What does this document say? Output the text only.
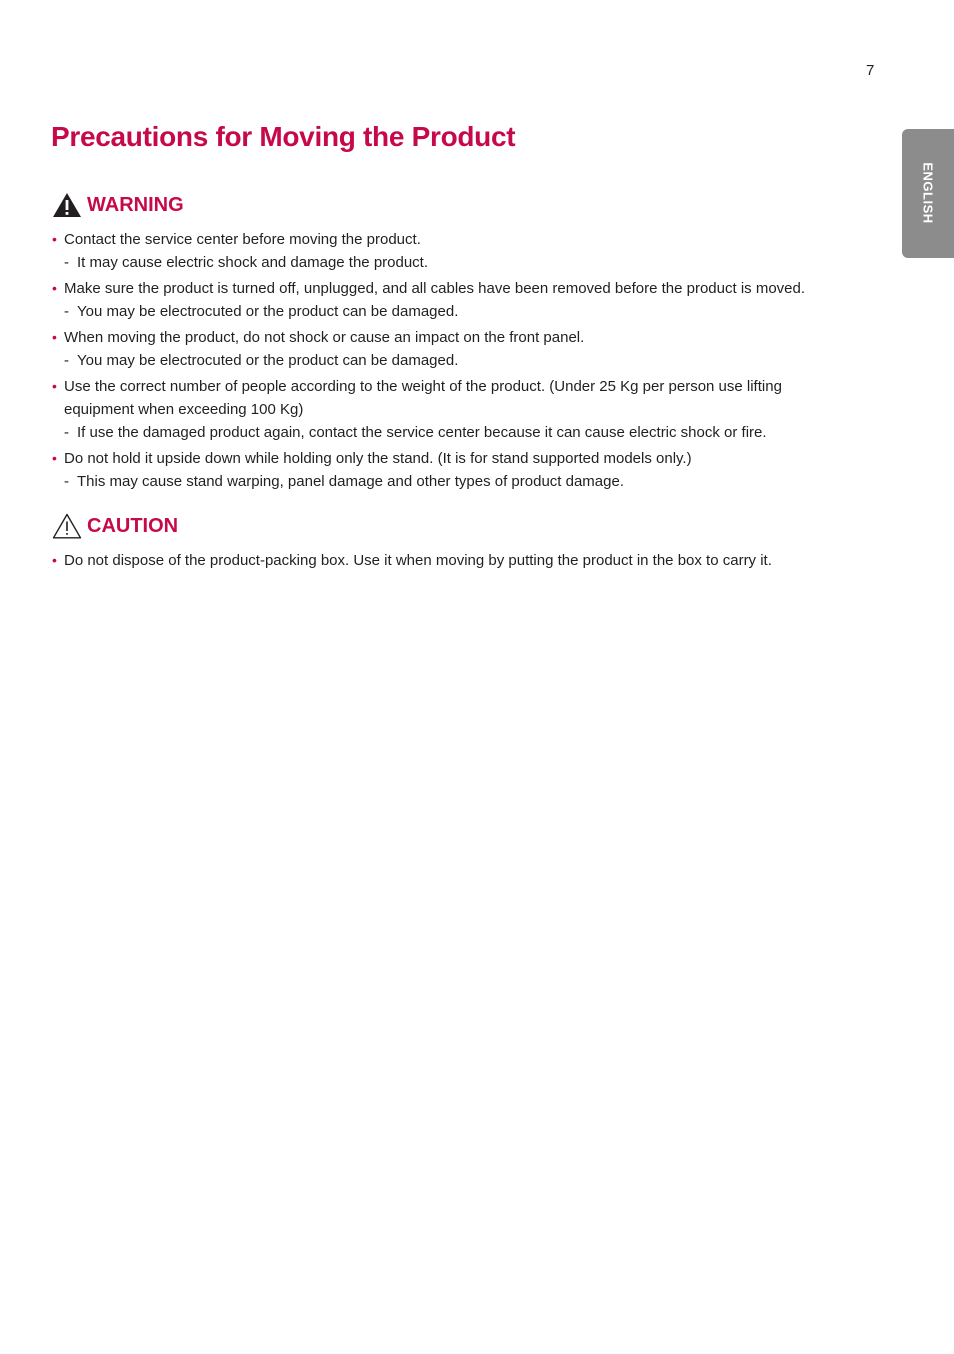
7
ENGLISH
Precautions for Moving the Product
WARNING
• Contact the service center before moving the product.
- It may cause electric shock and damage the product.
• Make sure the product is turned off, unplugged, and all cables have been removed before the product is moved.
- You may be electrocuted or the product can be damaged.
• When moving the product, do not shock or cause an impact on the front panel.
- You may be electrocuted or the product can be damaged.
• Use the correct number of people according to the weight of the product. (Under 25 Kg per person use lifting equipment when exceeding 100 Kg)
- If use the damaged product again, contact the service center because it can cause electric shock or fire.
• Do not hold it upside down while holding only the stand. (It is for stand supported models only.)
- This may cause stand warping, panel damage and other types of product damage.
CAUTION
• Do not dispose of the product-packing box. Use it when moving by putting the product in the box to carry it.
